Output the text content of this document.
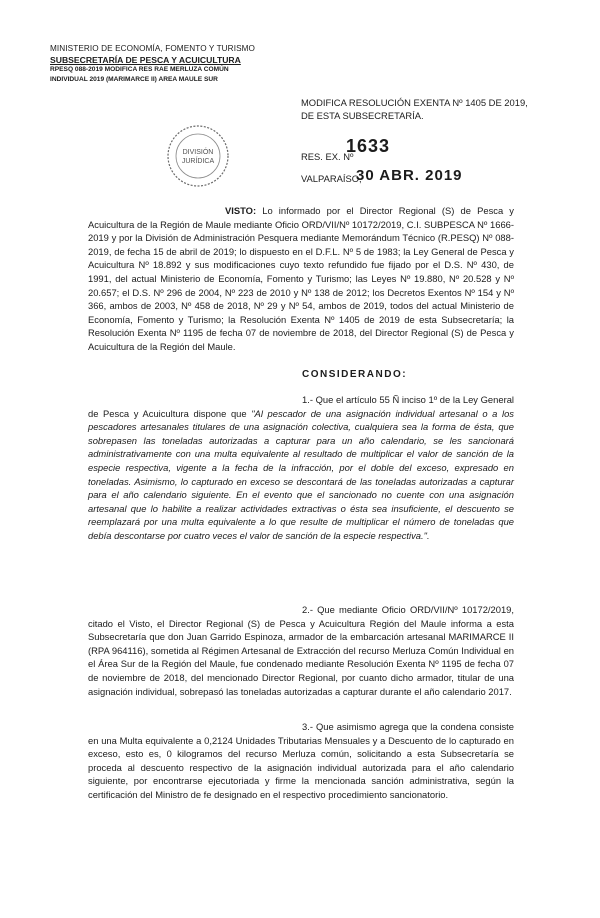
MINISTERIO DE ECONOMÍA, FOMENTO Y TURISMO
SUBSECRETARÍA DE PESCA Y ACUICULTURA
RPESQ 088-2019 MODIFICA RES RAE MERLUZA COMÚN
INDIVIDUAL 2019 (MARIMARCE II) AREA MAULE SUR
DIVISIÓN
JURÍDICA
MODIFICA RESOLUCIÓN EXENTA Nº 1405 DE 2019,
DE ESTA SUBSECRETARÍA.
RES. EX. Nº
1633
VALPARAÍSO,
30 ABR. 2019
VISTO: Lo informado por el Director Regional (S) de Pesca y Acuicultura de la Región de Maule mediante Oficio ORD/VII/Nº 10172/2019, C.I. SUBPESCA Nº 1666-2019 y por la División de Administración Pesquera mediante Memorándum Técnico (R.PESQ) Nº 088-2019, de fecha 15 de abril de 2019; lo dispuesto en el D.F.L. Nº 5 de 1983; la Ley General de Pesca y Acuicultura Nº 18.892 y sus modificaciones cuyo texto refundido fue fijado por el D.S. Nº 430, de 1991, del actual Ministerio de Economía, Fomento y Turismo; las Leyes Nº 19.880, Nº 20.528 y Nº 20.657; el D.S. Nº 296 de 2004, Nº 223 de 2010 y Nº 138 de 2012; los Decretos Exentos Nº 154 y Nº 366, ambos de 2003, Nº 458 de 2018, Nº 29 y Nº 54, ambos de 2019, todos del actual Ministerio de Economía, Fomento y Turismo; la Resolución Exenta Nº 1405 de 2019 de esta Subsecretaría; la Resolución Exenta Nº 1195 de fecha 07 de noviembre de 2018, del Director Regional (S) de Pesca y Acuicultura de la Región del Maule.
CONSIDERANDO:
1.- Que el artículo 55 Ñ inciso 1º de la Ley General de Pesca y Acuicultura dispone que "Al pescador de una asignación individual artesanal o a los pescadores artesanales titulares de una asignación colectiva, cualquiera sea la forma de ésta, que sobrepasen las toneladas autorizadas a capturar para un año calendario, se les sancionará administrativamente con una multa equivalente al resultado de multiplicar el valor de sanción de la especie respectiva, vigente a la fecha de la infracción, por el doble del exceso, expresado en toneladas. Asimismo, lo capturado en exceso se descontará de las toneladas autorizadas a capturar para el año calendario siguiente. En el evento que el sancionado no cuente con una asignación artesanal que lo habilite a realizar actividades extractivas o ésta sea insuficiente, el descuento se reemplazará por una multa equivalente a lo que resulte de multiplicar el número de toneladas que debía descontarse por cuatro veces el valor de sanción de la especie respectiva.".
2.- Que mediante Oficio ORD/VII/Nº 10172/2019, citado el Visto, el Director Regional (S) de Pesca y Acuicultura Región del Maule informa a esta Subsecretaría que don Juan Garrido Espinoza, armador de la embarcación artesanal MARIMARCE II (RPA 964116), sometida al Régimen Artesanal de Extracción del recurso Merluza Común Individual en el Área Sur de la Región del Maule, fue condenado mediante Resolución Exenta Nº 1195 de fecha 07 de noviembre de 2018, del mencionado Director Regional, por cuanto dicho armador, titular de una asignación individual, sobrepasó las toneladas autorizadas a capturar durante el año calendario 2017.
3.- Que asimismo agrega que la condena consiste en una Multa equivalente a 0,2124 Unidades Tributarias Mensuales y a Descuento de lo capturado en exceso, esto es, 0 kilogramos del recurso Merluza común, solicitando a esta Subsecretaría se proceda al descuento respectivo de la asignación individual autorizada para el año calendario siguiente, por encontrarse ejecutoriada y firme la mencionada sanción administrativa, según la certificación del Ministro de fe designado en el respectivo procedimiento sancionatorio.
